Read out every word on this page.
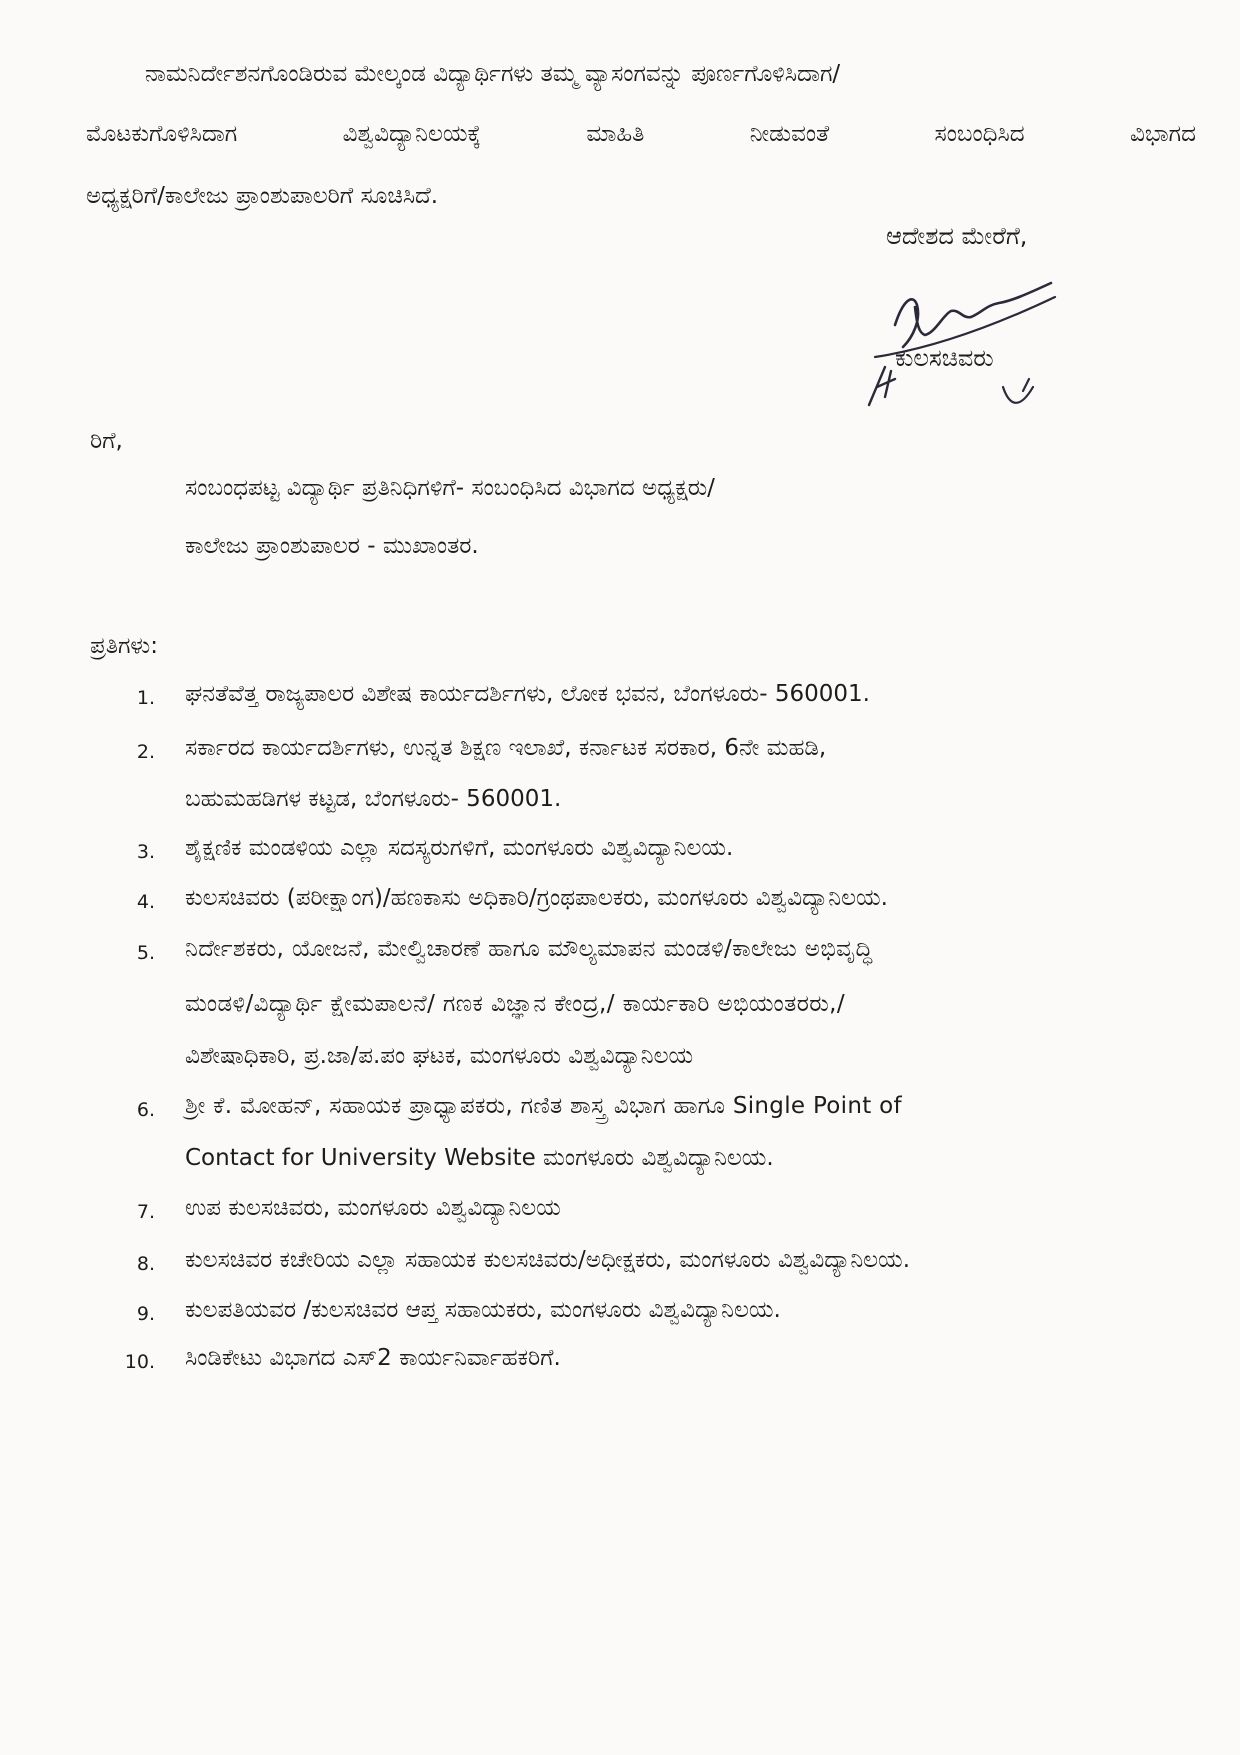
ನಾಮನಿರ್ದೇಶನಗೊಂಡಿರುವ ಮೇಲ್ಕಂಡ ವಿದ್ಯಾರ್ಥಿಗಳು ತಮ್ಮ ವ್ಯಾಸಂಗವನ್ನು ಪೂರ್ಣಗೊಳಿಸಿದಾಗ/
ಮೊಟಕುಗೊಳಿಸಿದಾಗ	ವಿಶ್ವವಿದ್ಯಾನಿಲಯಕ್ಕೆ	ಮಾಹಿತಿ	ನೀಡುವಂತೆ	ಸಂಬಂಧಿಸಿದ	ವಿಭಾಗದ
ಅಧ್ಯಕ್ಷರಿಗೆ/ಕಾಲೇಜು ಪ್ರಾಂಶುಪಾಲರಿಗೆ ಸೂಚಿಸಿದೆ.
ಆದೇಶದ ಮೇರೆಗೆ,
ಕುಲಸಚಿವರು
ರಿಗೆ,
ಸಂಬಂಧಪಟ್ಟ ವಿದ್ಯಾರ್ಥಿ ಪ್ರತಿನಿಧಿಗಳಿಗೆ- ಸಂಬಂಧಿಸಿದ ವಿಭಾಗದ ಅಧ್ಯಕ್ಷರು/
ಕಾಲೇಜು ಪ್ರಾಂಶುಪಾಲರ - ಮುಖಾಂತರ.
ಪ್ರತಿಗಳು:
1. ಘನತೆವೆತ್ತ ರಾಜ್ಯಪಾಲರ ವಿಶೇಷ ಕಾರ್ಯದರ್ಶಿಗಳು, ಲೋಕ ಭವನ, ಬೆಂಗಳೂರು- 560001.
2. ಸರ್ಕಾರದ ಕಾರ್ಯದರ್ಶಿಗಳು, ಉನ್ನತ ಶಿಕ್ಷಣ ಇಲಾಖೆ, ಕರ್ನಾಟಕ ಸರಕಾರ, 6ನೇ ಮಹಡಿ,
ಬಹುಮಹಡಿಗಳ ಕಟ್ಟಡ, ಬೆಂಗಳೂರು- 560001.
3. ಶೈಕ್ಷಣಿಕ ಮಂಡಳಿಯ ಎಲ್ಲಾ ಸದಸ್ಯರುಗಳಿಗೆ, ಮಂಗಳೂರು ವಿಶ್ವವಿದ್ಯಾನಿಲಯ.
4. ಕುಲಸಚಿವರು (ಪರೀಕ್ಷಾಂಗ)/ಹಣಕಾಸು ಅಧಿಕಾರಿ/ಗ್ರಂಥಪಾಲಕರು, ಮಂಗಳೂರು ವಿಶ್ವವಿದ್ಯಾನಿಲಯ.
5. ನಿರ್ದೇಶಕರು, ಯೋಜನೆ, ಮೇಲ್ವಿಚಾರಣೆ ಹಾಗೂ ಮೌಲ್ಯಮಾಪನ ಮಂಡಳಿ/ಕಾಲೇಜು ಅಭಿವೃದ್ಧಿ
ಮಂಡಳಿ/ವಿದ್ಯಾರ್ಥಿ ಕ್ಷೇಮಪಾಲನೆ/ ಗಣಕ ವಿಜ್ಞಾನ ಕೇಂದ್ರ,/ ಕಾರ್ಯಕಾರಿ ಅಭಿಯಂತರರು,/
ವಿಶೇಷಾಧಿಕಾರಿ, ಪ್ರ.ಜಾ/ಪ.ಪಂ ಘಟಕ, ಮಂಗಳೂರು ವಿಶ್ವವಿದ್ಯಾನಿಲಯ
6. ಶ್ರೀ ಕೆ. ಮೋಹನ್, ಸಹಾಯಕ ಪ್ರಾಧ್ಯಾಪಕರು, ಗಣಿತ ಶಾಸ್ತ್ರ ವಿಭಾಗ ಹಾಗೂ Single Point of
Contact for University Website ಮಂಗಳೂರು ವಿಶ್ವವಿದ್ಯಾನಿಲಯ.
7. ಉಪ ಕುಲಸಚಿವರು, ಮಂಗಳೂರು ವಿಶ್ವವಿದ್ಯಾನಿಲಯ
8. ಕುಲಸಚಿವರ ಕಚೇರಿಯ ಎಲ್ಲಾ ಸಹಾಯಕ ಕುಲಸಚಿವರು/ಅಧೀಕ್ಷಕರು, ಮಂಗಳೂರು ವಿಶ್ವವಿದ್ಯಾನಿಲಯ.
9. ಕುಲಪತಿಯವರ /ಕುಲಸಚಿವರ ಆಪ್ತ ಸಹಾಯಕರು, ಮಂಗಳೂರು ವಿಶ್ವವಿದ್ಯಾನಿಲಯ.
10. ಸಿಂಡಿಕೇಟು ವಿಭಾಗದ ಎಸ್2 ಕಾರ್ಯನಿರ್ವಾಹಕರಿಗೆ.
